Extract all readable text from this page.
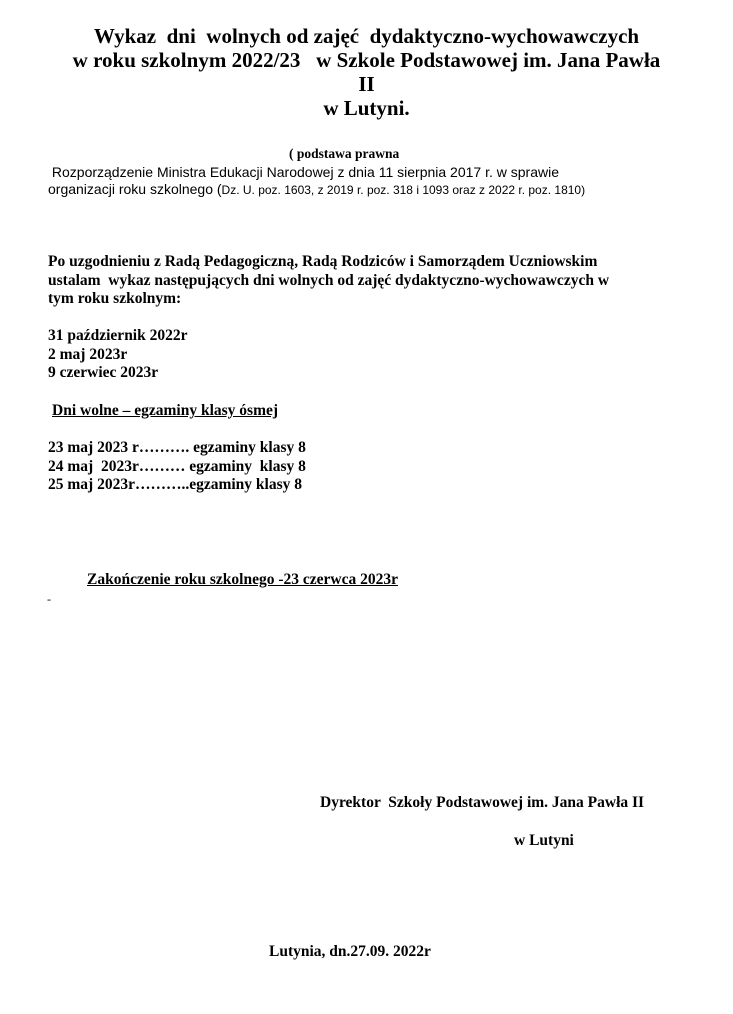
Wykaz  dni  wolnych od zajęć  dydaktyczno-wychowawczych
w roku szkolnym 2022/23   w Szkole Podstawowej im. Jana Pawła
II
w Lutyni.
( podstawa prawna
Rozporządzenie Ministra Edukacji Narodowej z dnia 11 sierpnia 2017 r. w sprawie
organizacji roku szkolnego (Dz. U. poz. 1603, z 2019 r. poz. 318 i 1093 oraz z 2022 r. poz. 1810)
Po uzgodnieniu z Radą Pedagogiczną, Radą Rodziców i Samorządem Uczniowskim
ustalam  wykaz następujących dni wolnych od zajęć dydaktyczno-wychowawczych w
tym roku szkolnym:
31 październik 2022r
2 maj 2023r
9 czerwiec 2023r
Dni wolne – egzaminy klasy ósmej
23 maj 2023 r………. egzaminy klasy 8
24 maj  2023r……… egzaminy  klasy 8
25 maj 2023r………..egzaminy klasy 8
Zakończenie roku szkolnego -23 czerwca 2023r
-
Dyrektor  Szkoły Podstawowej im. Jana Pawła II
w Lutyni
Lutynia, dn.27.09. 2022r
